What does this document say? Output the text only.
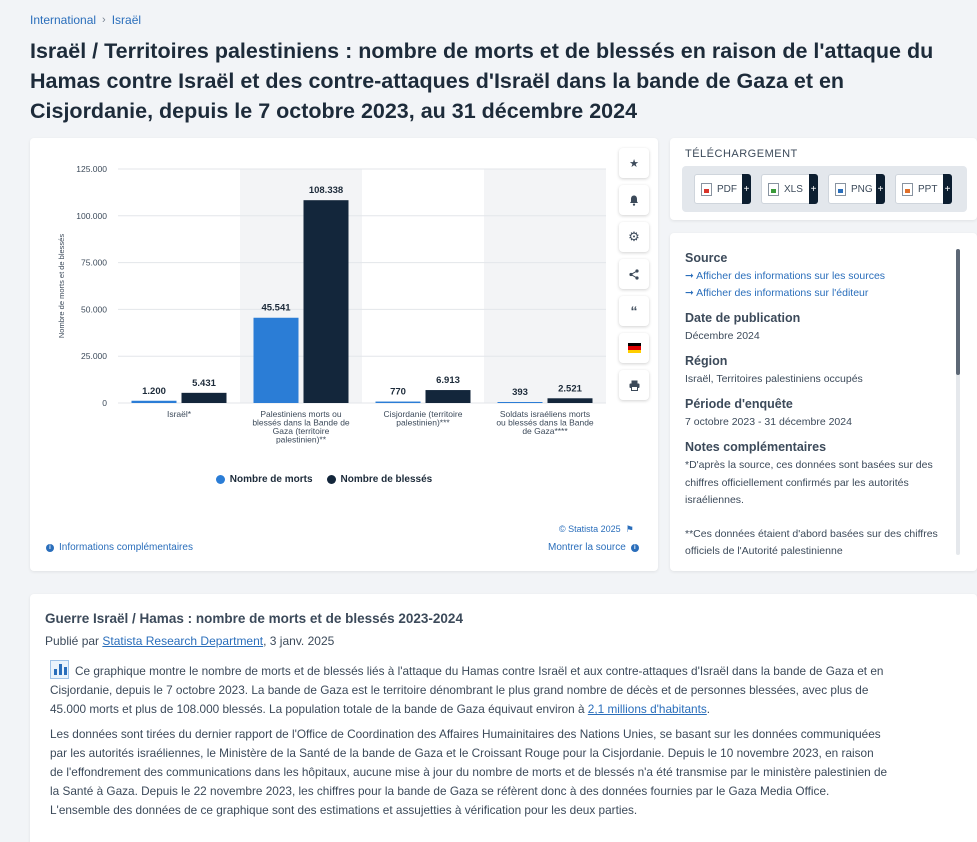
International › Israël
Israël / Territoires palestiniens : nombre de morts et de blessés en raison de l'attaque du Hamas contre Israël et des contre-attaques d'Israël dans la bande de Gaza et en Cisjordanie, depuis le 7 octobre 2023, au 31 décembre 2024
0
25.000
50.000
75.000
100.000
125.000
Nombre de morts et de blessés
1.200
5.431
Israël*
45.541
108.338
Palestiniens morts ou
blessés dans la Bande de
Gaza (territoire
palestinien)**
770
6.913
Cisjordanie (territoire
palestinien)***
393	2.521
Soldats israéliens morts
ou blessés dans la Bande
de Gaza****
Nombre de morts	Nombre de blessés
© Statista 2025 ⚑
i Informations complémentaires	Montrer la source	i
★
⚙
“
TÉLÉCHARGEMENT
PDF +	XLS +	PNG +	PPT +
Source
➞ Afficher des informations sur les sources
➞ Afficher des informations sur l'éditeur
Date de publication
Décembre 2024
Région
Israël, Territoires palestiniens occupés
Période d'enquête
7 octobre 2023 - 31 décembre 2024
Notes complémentaires

*D'après la source, ces données sont basées sur des chiffres officiellement confirmés par les autorités israéliennes.

**Ces données étaient d'abord basées sur des chiffres officiels de l'Autorité palestinienne

Guerre Israël / Hamas : nombre de morts et de blessés 2023-2024
Publié par Statista Research Department, 3 janv. 2025

Ce graphique montre le nombre de morts et de blessés liés à l'attaque du Hamas contre Israël et aux contre-attaques d'Israël dans la bande de Gaza et en Cisjordanie, depuis le 7 octobre 2023. La bande de Gaza est le territoire dénombrant le plus grand nombre de décès et de personnes blessées, avec plus de 45.000 morts et plus de 108.000 blessés. La population totale de la bande de Gaza équivaut environ à 2,1 millions d'habitants.

Les données sont tirées du dernier rapport de l'Office de Coordination des Affaires Humainitaires des Nations Unies, se basant sur les données communiquées par les autorités israéliennes, le Ministère de la Santé de la bande de Gaza et le Croissant Rouge pour la Cisjordanie. Depuis le 10 novembre 2023, en raison de l'effondrement des communications dans les hôpitaux, aucune mise à jour du nombre de morts et de blessés n'a été transmise par le ministère palestinien de la Santé à Gaza. Depuis le 22 novembre 2023, les chiffres pour la bande de Gaza se réfèrent donc à des données fournies par le Gaza Media Office. L'ensemble des données de ce graphique sont des estimations et assujetties à vérification pour les deux parties.
